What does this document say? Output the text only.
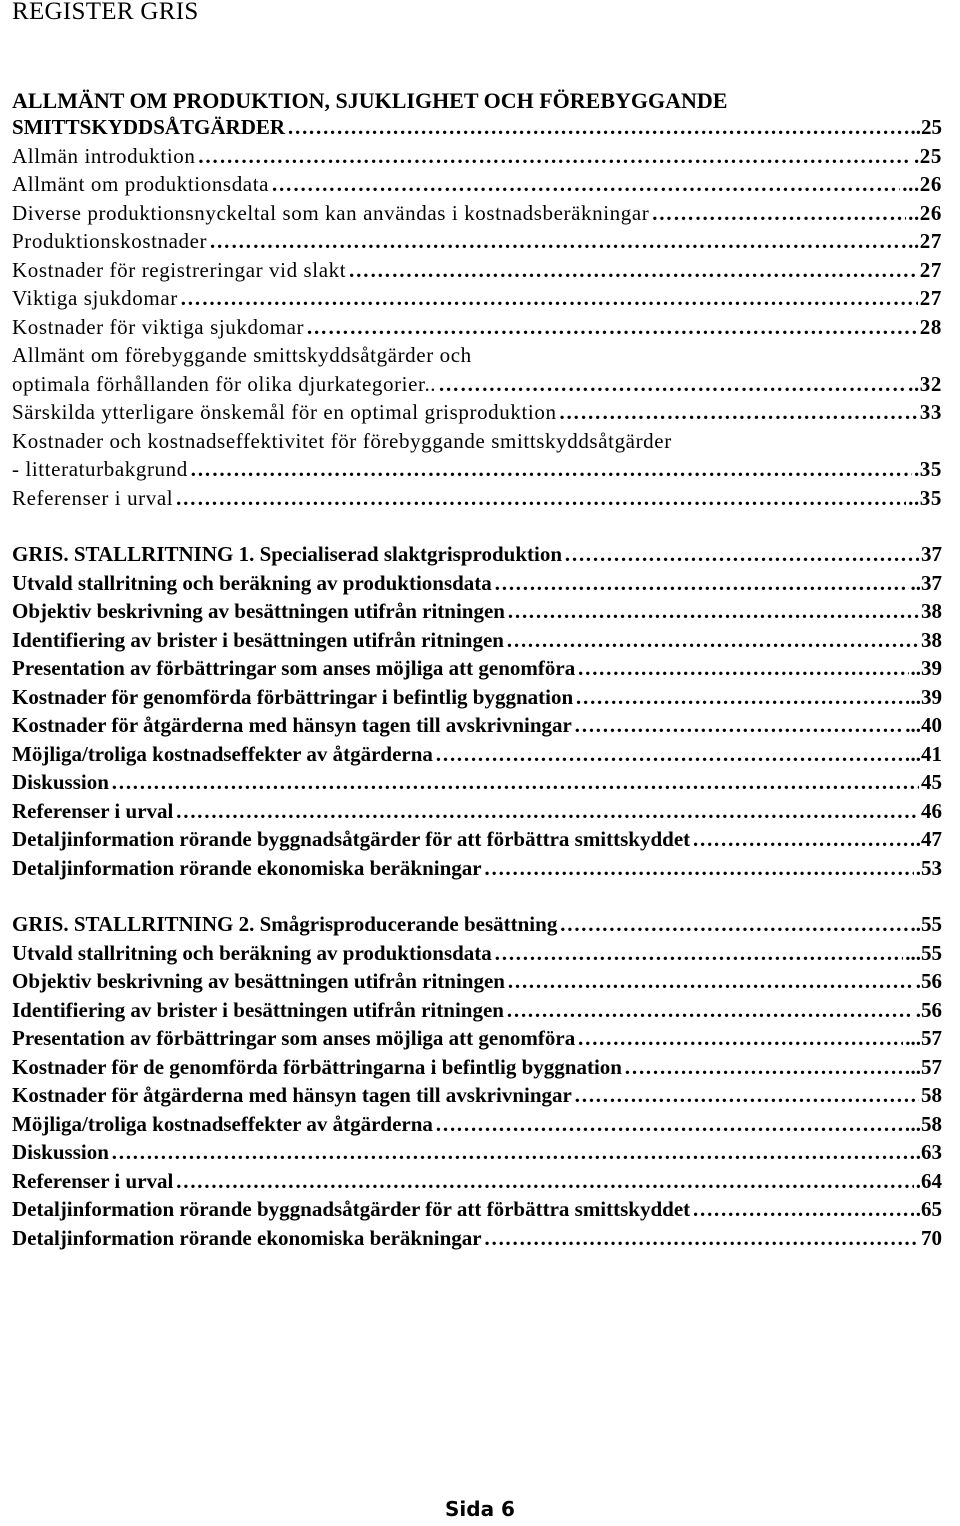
REGISTER GRIS
ALLMÄNT OM PRODUKTION, SJUKLIGHET OCH FÖREBYGGANDE
SMITTSKYDDSÅTGÄRDER …………………………………………………………………………………………………………………………………………………………………………………………………………………	..25
Allmän introduktion …………………………………………………………………………………………………………………………………………………………………………………………………………………	.25
Allmänt om produktionsdata …………………………………………………………………………………………………………………………………………………………………………………………………………………	...26
Diverse produktionsnyckeltal som kan användas i kostnadsberäkningar …………………………………………………………………………………………………………………………………………………………………………………………………………………	..26
Produktionskostnader …………………………………………………………………………………………………………………………………………………………………………………………………………………	..27
Kostnader för registreringar vid slakt …………………………………………………………………………………………………………………………………………………………………………………………………………………	27
Viktiga sjukdomar …………………………………………………………………………………………………………………………………………………………………………………………………………………	27
Kostnader för viktiga sjukdomar …………………………………………………………………………………………………………………………………………………………………………………………………………………	28
Allmänt om förebyggande smittskyddsåtgärder och
optimala förhållanden för olika djurkategorier.. …………………………………………………………………………………………………………………………………………………………………………………………………………………	..32
Särskilda ytterligare önskemål för en optimal grisproduktion …………………………………………………………………………………………………………………………………………………………………………………………………………………	33
Kostnader och kostnadseffektivitet för förebyggande smittskyddsåtgärder
- litteraturbakgrund …………………………………………………………………………………………………………………………………………………………………………………………………………………	.35
Referenser i urval …………………………………………………………………………………………………………………………………………………………………………………………………………………	..35
GRIS. STALLRITNING 1. Specialiserad slaktgrisproduktion …………………………………………………………………………………………………………………………………………………………………………………………………………………	37
Utvald stallritning och beräkning av produktionsdata …………………………………………………………………………………………………………………………………………………………………………………………………………………	..37
Objektiv beskrivning av besättningen utifrån ritningen …………………………………………………………………………………………………………………………………………………………………………………………………………………	38
Identifiering av brister i besättningen utifrån ritningen …………………………………………………………………………………………………………………………………………………………………………………………………………………	38
Presentation av förbättringar som anses möjliga att genomföra …………………………………………………………………………………………………………………………………………………………………………………………………………………	..39
Kostnader för genomförda förbättringar i befintlig byggnation …………………………………………………………………………………………………………………………………………………………………………………………………………………	..39
Kostnader för åtgärderna med hänsyn tagen till avskrivningar …………………………………………………………………………………………………………………………………………………………………………………………………………………	...40
Möjliga/troliga kostnadseffekter av åtgärderna …………………………………………………………………………………………………………………………………………………………………………………………………………………	..41
Diskussion …………………………………………………………………………………………………………………………………………………………………………………………………………………	45
Referenser i urval …………………………………………………………………………………………………………………………………………………………………………………………………………………	46
Detaljinformation rörande byggnadsåtgärder för att förbättra smittskyddet …………………………………………………………………………………………………………………………………………………………………………………………………………………	.47
Detaljinformation rörande ekonomiska beräkningar …………………………………………………………………………………………………………………………………………………………………………………………………………………	.53
GRIS. STALLRITNING 2. Smågrisproducerande besättning …………………………………………………………………………………………………………………………………………………………………………………………………………………	..55
Utvald stallritning och beräkning av produktionsdata …………………………………………………………………………………………………………………………………………………………………………………………………………………	...55
Objektiv beskrivning av besättningen utifrån ritningen …………………………………………………………………………………………………………………………………………………………………………………………………………………	.56
Identifiering av brister i besättningen utifrån ritningen …………………………………………………………………………………………………………………………………………………………………………………………………………………	.56
Presentation av förbättringar som anses möjliga att genomföra …………………………………………………………………………………………………………………………………………………………………………………………………………………	...57
Kostnader för de genomförda förbättringarna i befintlig byggnation …………………………………………………………………………………………………………………………………………………………………………………………………………………	..57
Kostnader för åtgärderna med hänsyn tagen till avskrivningar …………………………………………………………………………………………………………………………………………………………………………………………………………………	58
Möjliga/troliga kostnadseffekter av åtgärderna …………………………………………………………………………………………………………………………………………………………………………………………………………………	..58
Diskussion …………………………………………………………………………………………………………………………………………………………………………………………………………………	.63
Referenser i urval …………………………………………………………………………………………………………………………………………………………………………………………………………………	.64
Detaljinformation rörande byggnadsåtgärder för att förbättra smittskyddet …………………………………………………………………………………………………………………………………………………………………………………………………………………	.65
Detaljinformation rörande ekonomiska beräkningar …………………………………………………………………………………………………………………………………………………………………………………………………………………	70
Sida 6
